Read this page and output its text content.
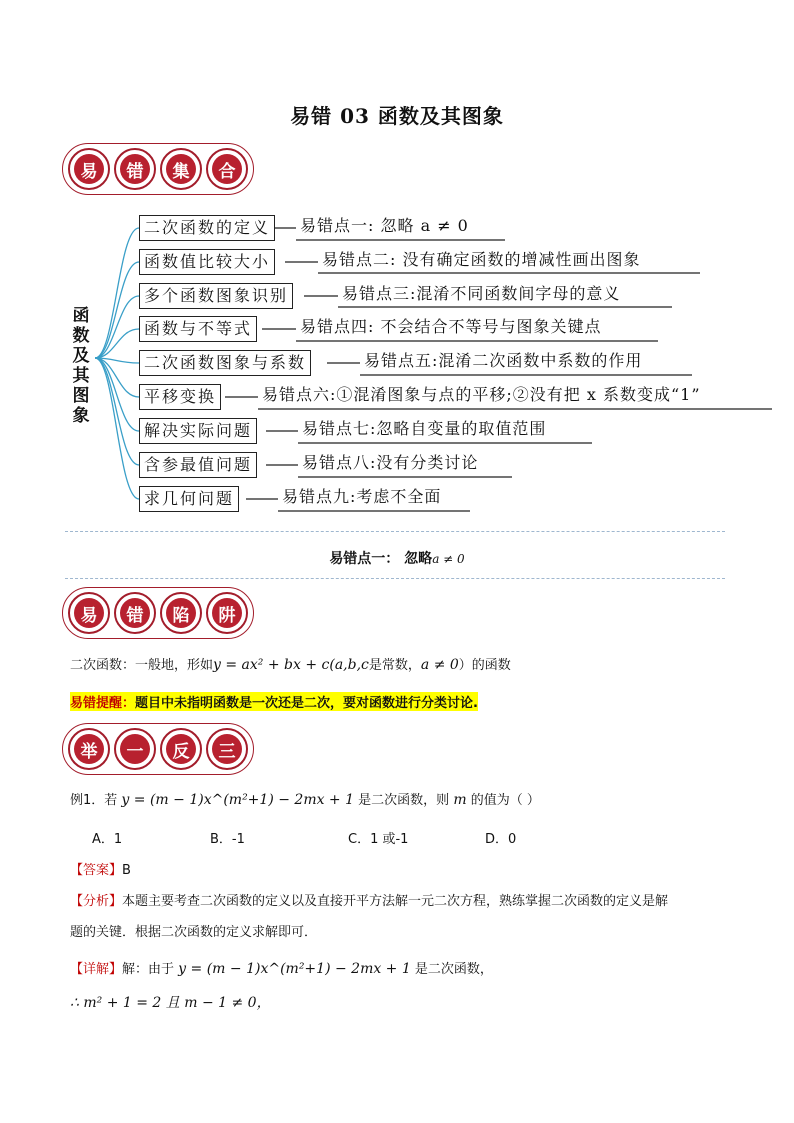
易错 03 函数及其图象
易	错	集	合
函
数
及
其
图
象
二次函数的定义	易错点一: 忽略 a ≠ 0
函数值比较大小	易错点二: 没有确定函数的增减性画出图象
多个函数图象识别	易错点三:混淆不同函数间字母的意义
函数与不等式	易错点四: 不会结合不等号与图象关键点
二次函数图象与系数	易错点五:混淆二次函数中系数的作用
平移变换	易错点六:①混淆图象与点的平移;②没有把 x 系数变成“1”
解决实际问题	易错点七:忽略自变量的取值范围
含参最值问题	易错点八:没有分类讨论
求几何问题	易错点九:考虑不全面
易错点一： 忽略a ≠ 0
易	错	陷	阱
二次函数：一般地，形如y = ax² + bx + c(a,b,c是常数，a ≠ 0）的函数
易错提醒：题目中未指明函数是一次还是二次，要对函数进行分类讨论.
举	一	反	三
例1．若 y = (m − 1)x^(m²+1) − 2mx + 1 是二次函数，则 m 的值为（ ）
A．1	B．-1	C．1 或-1	D．0
【答案】B
【分析】本题主要考查二次函数的定义以及直接开平方法解一元二次方程，熟练掌握二次函数的定义是解
题的关键．根据二次函数的定义求解即可．
【详解】解：由于 y = (m − 1)x^(m²+1) − 2mx + 1 是二次函数，
∴ m² + 1 = 2 且 m − 1 ≠ 0，
